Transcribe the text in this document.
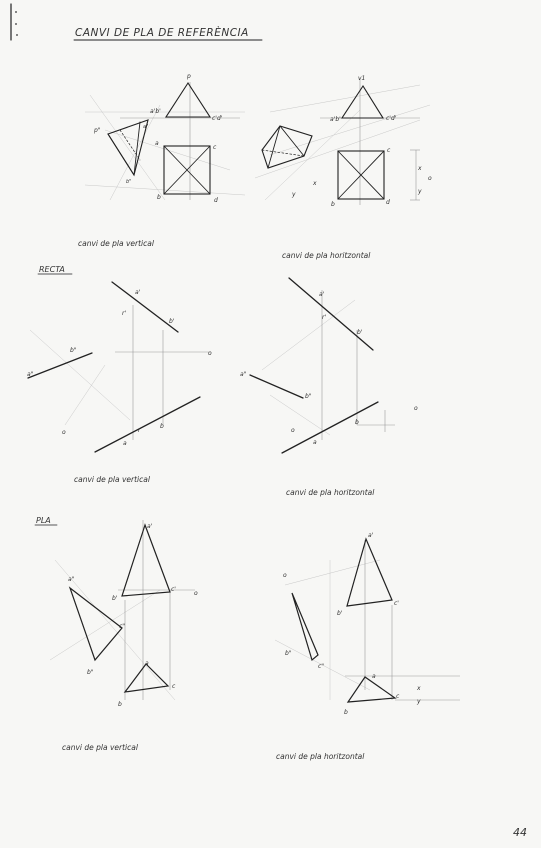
CANVI DE PLA DE REFERÈNCIA
p
a'b'
c'd'
a
c
b	d
p"	a"
b"
canvi de pla vertical
v1
a'b'	c'd'
c
b	d
x
y
o
x
y
canvi de pla horitzontal
RECTA
a'
r'
b'
o
a
r
b
o
a"
b"
canvi de pla vertical
a'
r'
b'
a"
b"
o
a
b
o
canvi de pla horitzontal
PLA
a'
b'
c'
o
a"
c"
b"
a
c
b
canvi de pla vertical
a'
b'
c'
o
b"
c"
a
b
c
x
y
canvi de pla horitzontal
44
